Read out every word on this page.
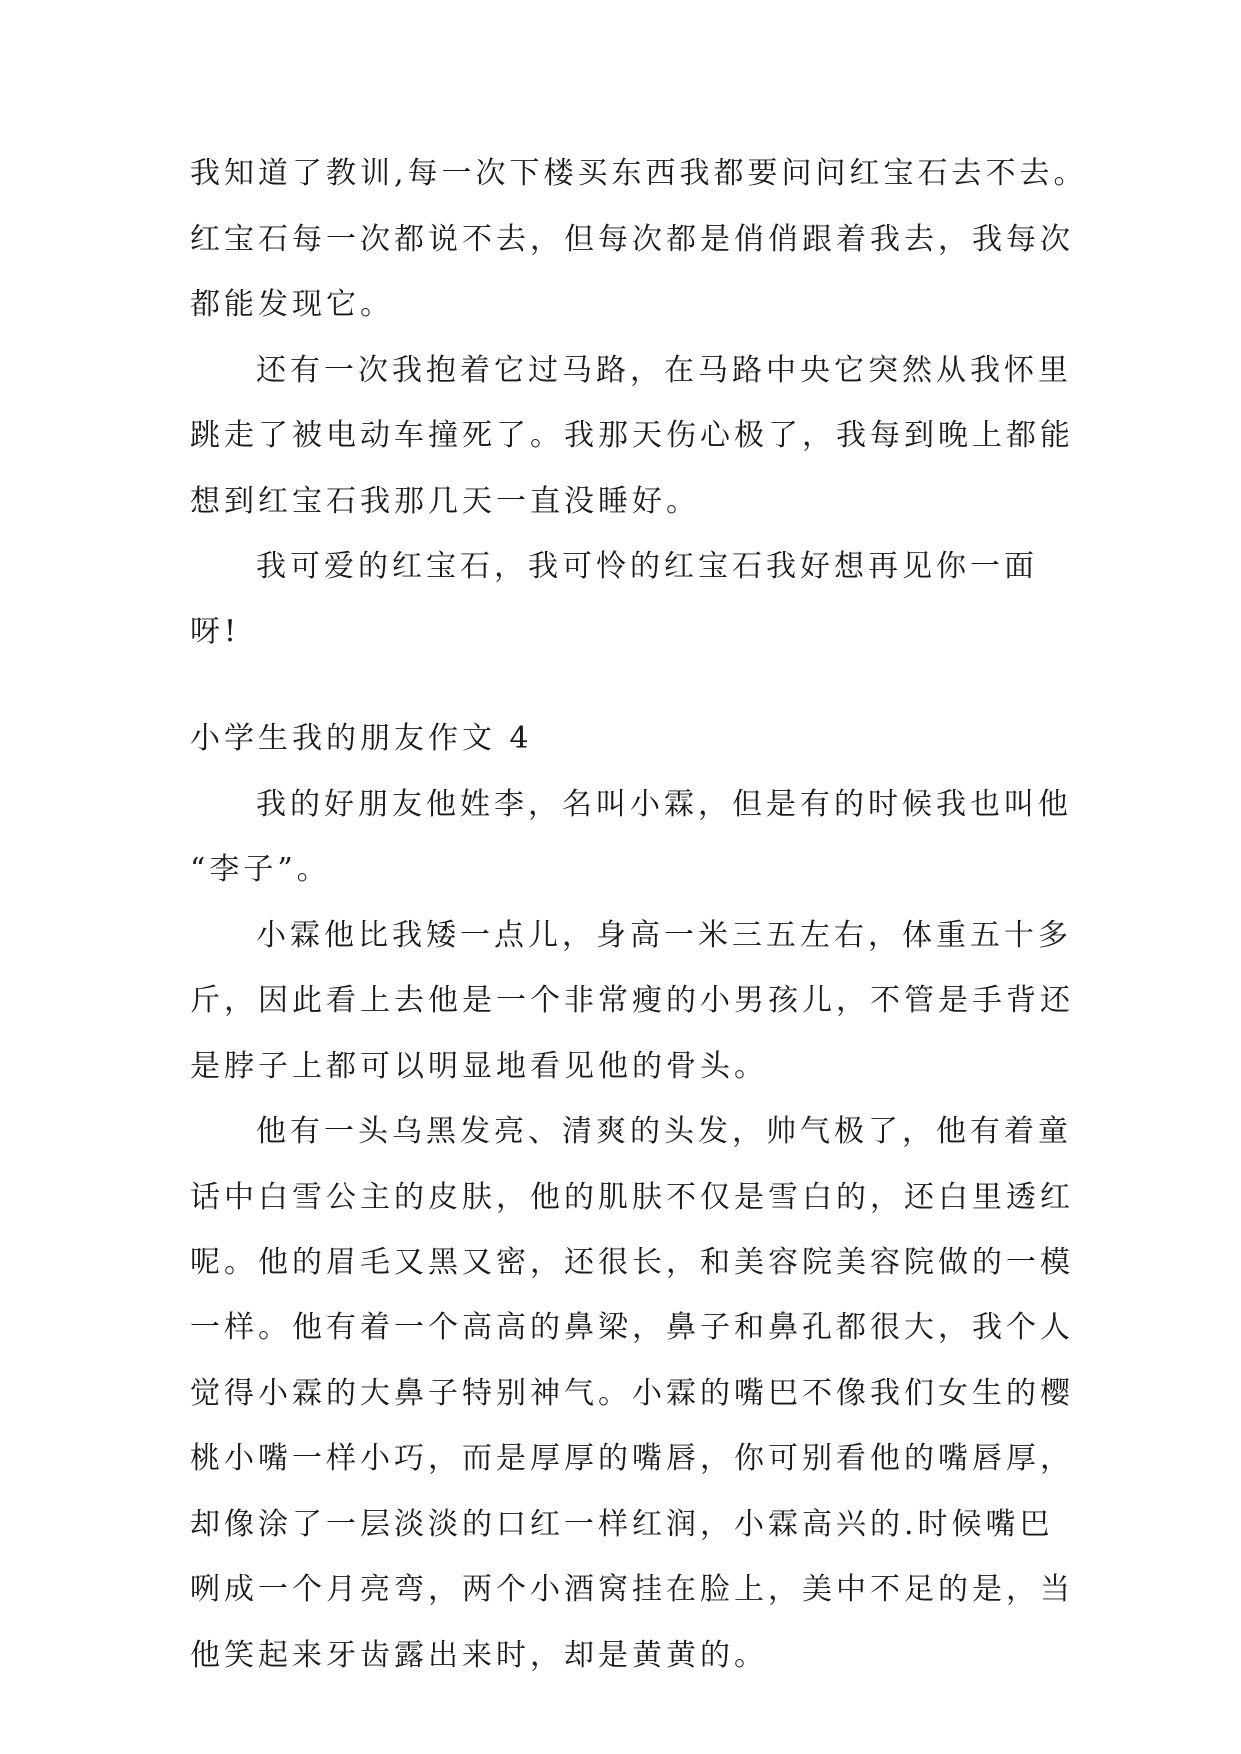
我知道了教训,每一次下楼买东西我都要问问红宝石去不去。
红宝石每一次都说不去，但每次都是俏俏跟着我去，我每次
都能发现它。
还有一次我抱着它过马路，在马路中央它突然从我怀里
跳走了被电动车撞死了。我那天伤心极了，我每到晚上都能
想到红宝石我那几天一直没睡好。
我可爱的红宝石，我可怜的红宝石我好想再见你一面
呀!
小学生我的朋友作文 4
我的好朋友他姓李，名叫小霖，但是有的时候我也叫他
“李子”。
小霖他比我矮一点儿，身高一米三五左右，体重五十多
斤，因此看上去他是一个非常瘦的小男孩儿，不管是手背还
是脖子上都可以明显地看见他的骨头。
他有一头乌黑发亮、清爽的头发，帅气极了，他有着童
话中白雪公主的皮肤，他的肌肤不仅是雪白的，还白里透红
呢。他的眉毛又黑又密，还很长，和美容院美容院做的一模
一样。他有着一个高高的鼻梁，鼻子和鼻孔都很大，我个人
觉得小霖的大鼻子特别神气。小霖的嘴巴不像我们女生的樱
桃小嘴一样小巧，而是厚厚的嘴唇，你可别看他的嘴唇厚，
却像涂了一层淡淡的口红一样红润，小霖高兴的.时候嘴巴
咧成一个月亮弯，两个小酒窝挂在脸上，美中不足的是，当
他笑起来牙齿露出来时，却是黄黄的。
